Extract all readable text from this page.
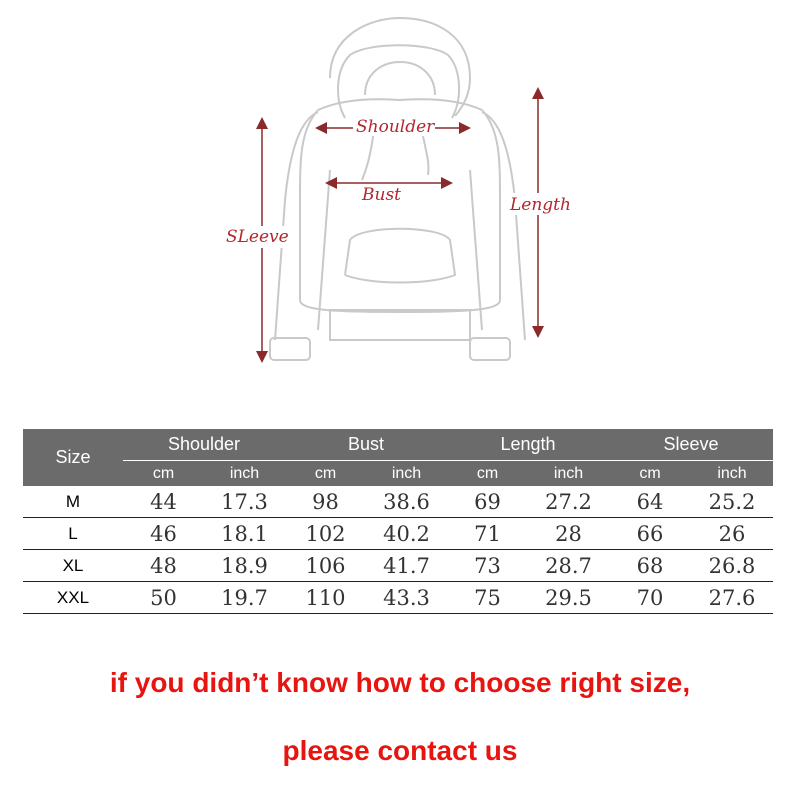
Shoulder
Bust	Length
SLeeve
Size	Shoulder		Bust		Length		Sleeve	
	cm	inch	cm	inch	cm	inch	cm	inch
M	44	17.3	98	38.6	69	27.2	64	25.2
L	46	18.1	102	40.2	71	28	66	26
XL	48	18.9	106	41.7	73	28.7	68	26.8
XXL	50	19.7	110	43.3	75	29.5	70	27.6
if you didn’t know how to choose right size,
please contact us
